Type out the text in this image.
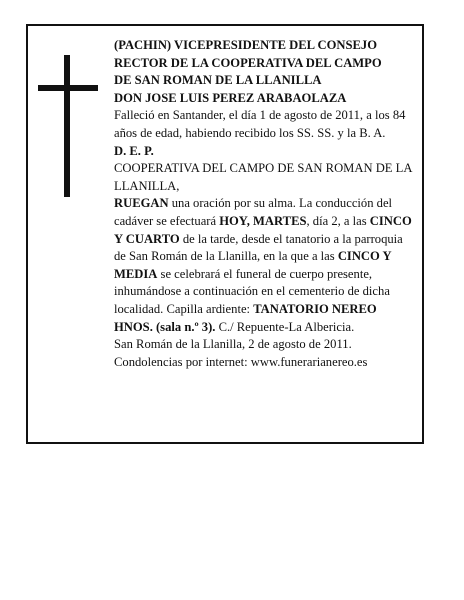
(PACHIN) VICEPRESIDENTE DEL CONSEJO

RECTOR DE LA COOPERATIVA DEL CAMPO

DE SAN ROMAN DE LA LLANILLA

DON JOSE LUIS PEREZ ARABAOLAZA

Falleció en Santander, el día 1 de agosto de 2011, a los 84 años de edad, habiendo recibido los SS. SS. y la B. A.

D. E. P.

COOPERATIVA DEL CAMPO DE SAN ROMAN DE LA LLANILLA,

RUEGAN una oración por su alma. La conducción del cadáver se efectuará HOY, MARTES, día 2, a las CINCO Y CUARTO de la tarde, desde el tanatorio a la parroquia de San Román de la Llanilla, en la que a las CINCO Y MEDIA se celebrará el funeral de cuerpo presente, inhumándose a continuación en el cementerio de dicha localidad. Capilla ardiente: TANATORIO NEREO HNOS. (sala n.º 3). C./ Repuente-La Albericia.

San Román de la Llanilla, 2 de agosto de 2011.

Condolencias por internet: www.funerarianereo.es
